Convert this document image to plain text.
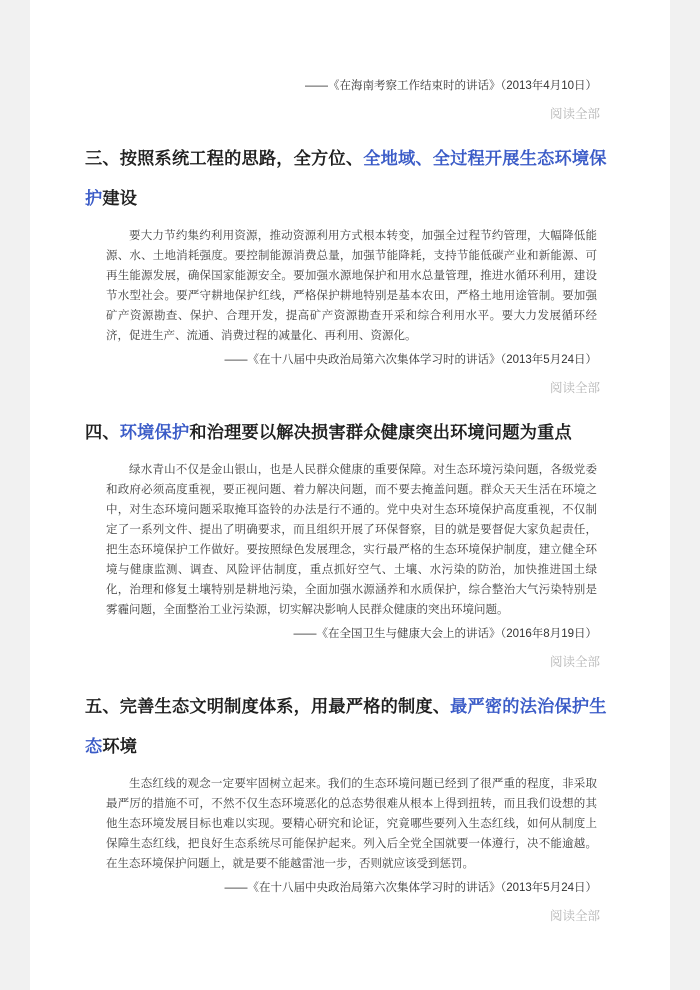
——《在海南考察工作结束时的讲话》（2013年4月10日）
阅读全部
三、按照系统工程的思路，全方位、全地域、全过程开展生态环境保护建设

要大力节约集约利用资源，推动资源利用方式根本转变，加强全过程节约管理，大幅降低能源、水、土地消耗强度。要控制能源消费总量，加强节能降耗，支持节能低碳产业和新能源、可再生能源发展，确保国家能源安全。要加强水源地保护和用水总量管理，推进水循环利用，建设节水型社会。要严守耕地保护红线，严格保护耕地特别是基本农田，严格土地用途管制。要加强矿产资源勘查、保护、合理开发，提高矿产资源勘查开采和综合利用水平。要大力发展循环经济，促进生产、流通、消费过程的减量化、再利用、资源化。

——《在十八届中央政治局第六次集体学习时的讲话》（2013年5月24日）
阅读全部
四、环境保护和治理要以解决损害群众健康突出环境问题为重点

绿水青山不仅是金山银山，也是人民群众健康的重要保障。对生态环境污染问题，各级党委和政府必须高度重视，要正视问题、着力解决问题，而不要去掩盖问题。群众天天生活在环境之中，对生态环境问题采取掩耳盗铃的办法是行不通的。党中央对生态环境保护高度重视，不仅制定了一系列文件、提出了明确要求，而且组织开展了环保督察，目的就是要督促大家负起责任，把生态环境保护工作做好。要按照绿色发展理念，实行最严格的生态环境保护制度，建立健全环境与健康监测、调查、风险评估制度，重点抓好空气、土壤、水污染的防治，加快推进国土绿化，治理和修复土壤特别是耕地污染，全面加强水源涵养和水质保护，综合整治大气污染特别是雾霾问题，全面整治工业污染源，切实解决影响人民群众健康的突出环境问题。

——《在全国卫生与健康大会上的讲话》（2016年8月19日）
阅读全部
五、完善生态文明制度体系，用最严格的制度、最严密的法治保护生态环境

生态红线的观念一定要牢固树立起来。我们的生态环境问题已经到了很严重的程度，非采取最严厉的措施不可，不然不仅生态环境恶化的总态势很难从根本上得到扭转，而且我们设想的其他生态环境发展目标也难以实现。要精心研究和论证，究竟哪些要列入生态红线，如何从制度上保障生态红线，把良好生态系统尽可能保护起来。列入后全党全国就要一体遵行，决不能逾越。在生态环境保护问题上，就是要不能越雷池一步，否则就应该受到惩罚。

——《在十八届中央政治局第六次集体学习时的讲话》（2013年5月24日）
阅读全部
